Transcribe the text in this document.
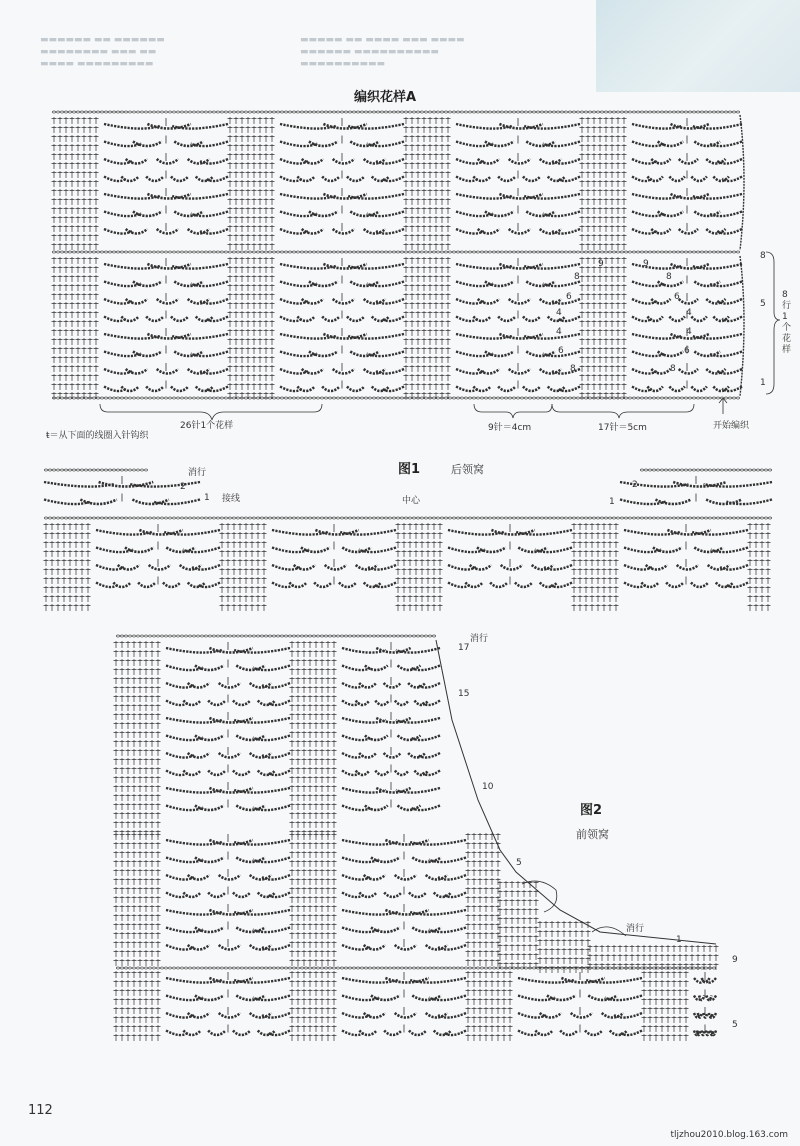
▬▬▬▬▬▬ ▬▬ ▬▬▬▬▬▬
▬▬▬▬▬▬▬▬ ▬▬▬ ▬▬
▬▬▬▬ ▬▬▬▬▬▬▬▬▬
▬▬▬▬▬ ▬▬ ▬▬▬▬ ▬▬▬ ▬▬▬▬
▬▬▬▬▬▬ ▬▬▬▬▬▬▬▬▬▬
▬▬▬▬▬▬▬▬▬▬
编织花样A
8
5
1
8行1个花样
26针1个花样	9针＝4cm	17针＝5cm	开始编织
ŧ＝从下面的线圈入针钩织
9	9
8	8
6	6
4	4
4	4
6	6
8	8
图1	后领窝
消行
2
1 接线	中心
2
1
消行
17
15
10
5
图2
前领窝
消行
1
9
5
112
tljzhou2010.blog.163.com
